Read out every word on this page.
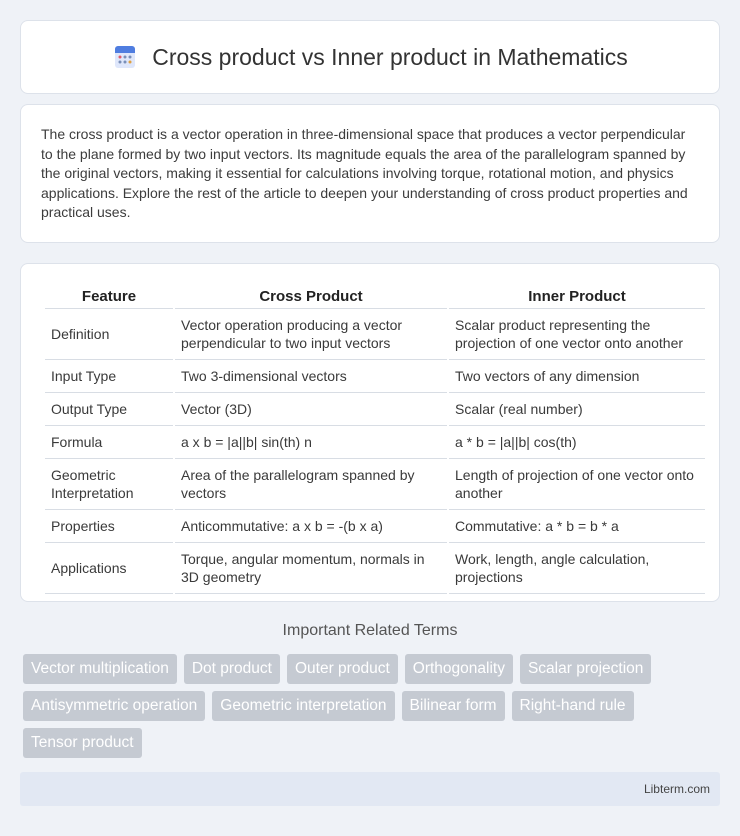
Cross product vs Inner product in Mathematics

The cross product is a vector operation in three-dimensional space that produces a vector perpendicular to the plane formed by two input vectors. Its magnitude equals the area of the parallelogram spanned by the original vectors, making it essential for calculations involving torque, rotational motion, and physics applications. Explore the rest of the article to deepen your understanding of cross product properties and practical uses.

Feature	Cross Product	Inner Product
Definition	Vector operation producing a vector perpendicular to two input vectors	Scalar product representing the projection of one vector onto another
Input Type	Two 3-dimensional vectors	Two vectors of any dimension
Output Type	Vector (3D)	Scalar (real number)
Formula	a x b = |a||b| sin(th) n	a * b = |a||b| cos(th)
Geometric Interpretation	Area of the parallelogram spanned by vectors	Length of projection of one vector onto another
Properties	Anticommutative: a x b = -(b x a)	Commutative: a * b = b * a
Applications	Torque, angular momentum, normals in 3D geometry	Work, length, angle calculation, projections
Important Related Terms
Vector multiplication	Dot product	Outer product	Orthogonality	Scalar projection
Antisymmetric operation	Geometric interpretation	Bilinear form	Right-hand rule
Tensor product
Libterm.com
